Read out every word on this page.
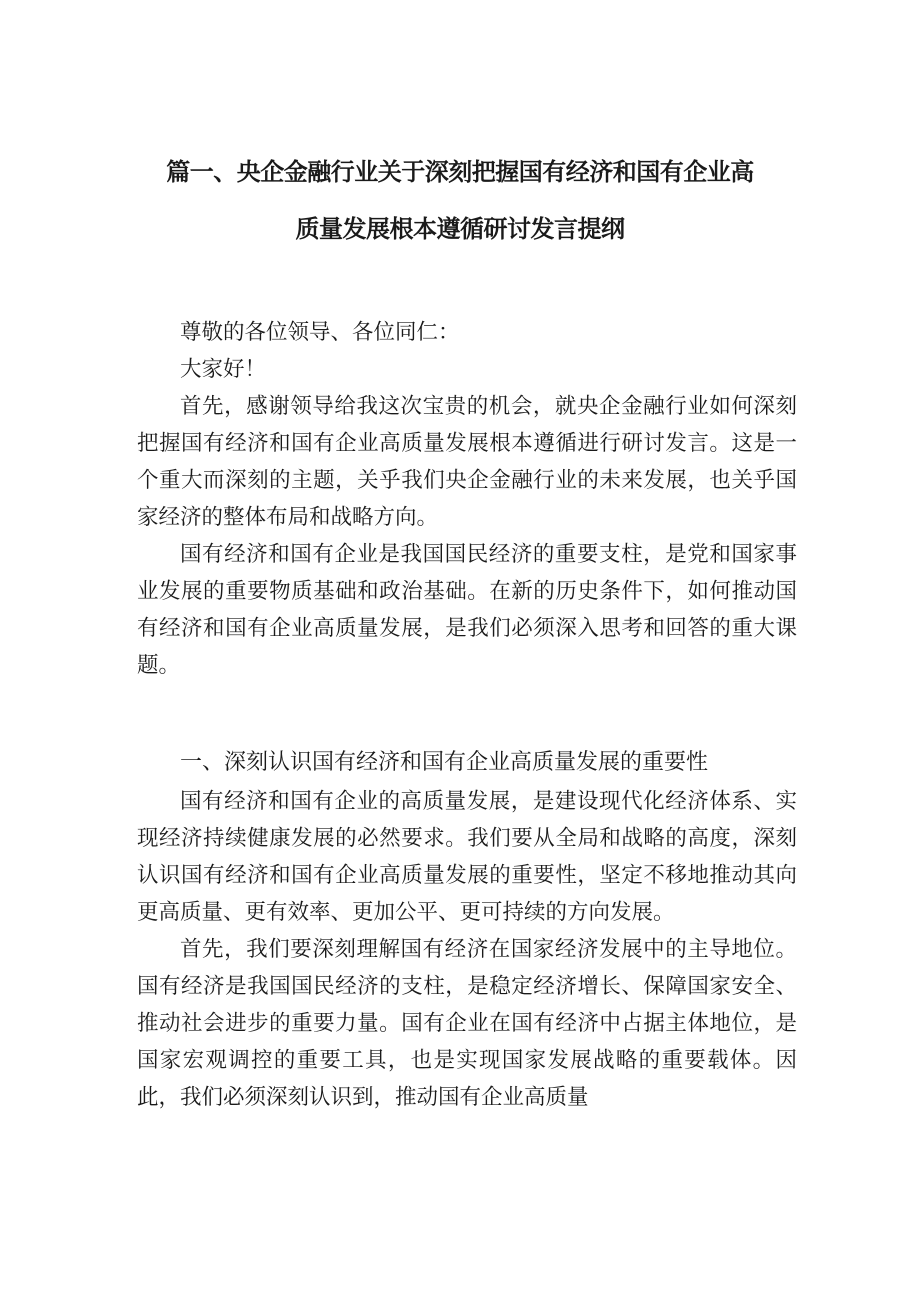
篇一、央企金融行业关于深刻把握国有经济和国有企业高
质量发展根本遵循研讨发言提纲

尊敬的各位领导、各位同仁：

大家好！

首先，感谢领导给我这次宝贵的机会，就央企金融行业如何深刻把握国有经济和国有企业高质量发展根本遵循进行研讨发言。这是一个重大而深刻的主题，关乎我们央企金融行业的未来发展，也关乎国家经济的整体布局和战略方向。

国有经济和国有企业是我国国民经济的重要支柱，是党和国家事业发展的重要物质基础和政治基础。在新的历史条件下，如何推动国有经济和国有企业高质量发展，是我们必须深入思考和回答的重大课题。

一、深刻认识国有经济和国有企业高质量发展的重要性

国有经济和国有企业的高质量发展，是建设现代化经济体系、实现经济持续健康发展的必然要求。我们要从全局和战略的高度，深刻认识国有经济和国有企业高质量发展的重要性，坚定不移地推动其向更高质量、更有效率、更加公平、更可持续的方向发展。

首先，我们要深刻理解国有经济在国家经济发展中的主导地位。国有经济是我国国民经济的支柱，是稳定经济增长、保障国家安全、推动社会进步的重要力量。国有企业在国有经济中占据主体地位，是国家宏观调控的重要工具，也是实现国家发展战略的重要载体。因此，我们必须深刻认识到，推动国有企业高质量
